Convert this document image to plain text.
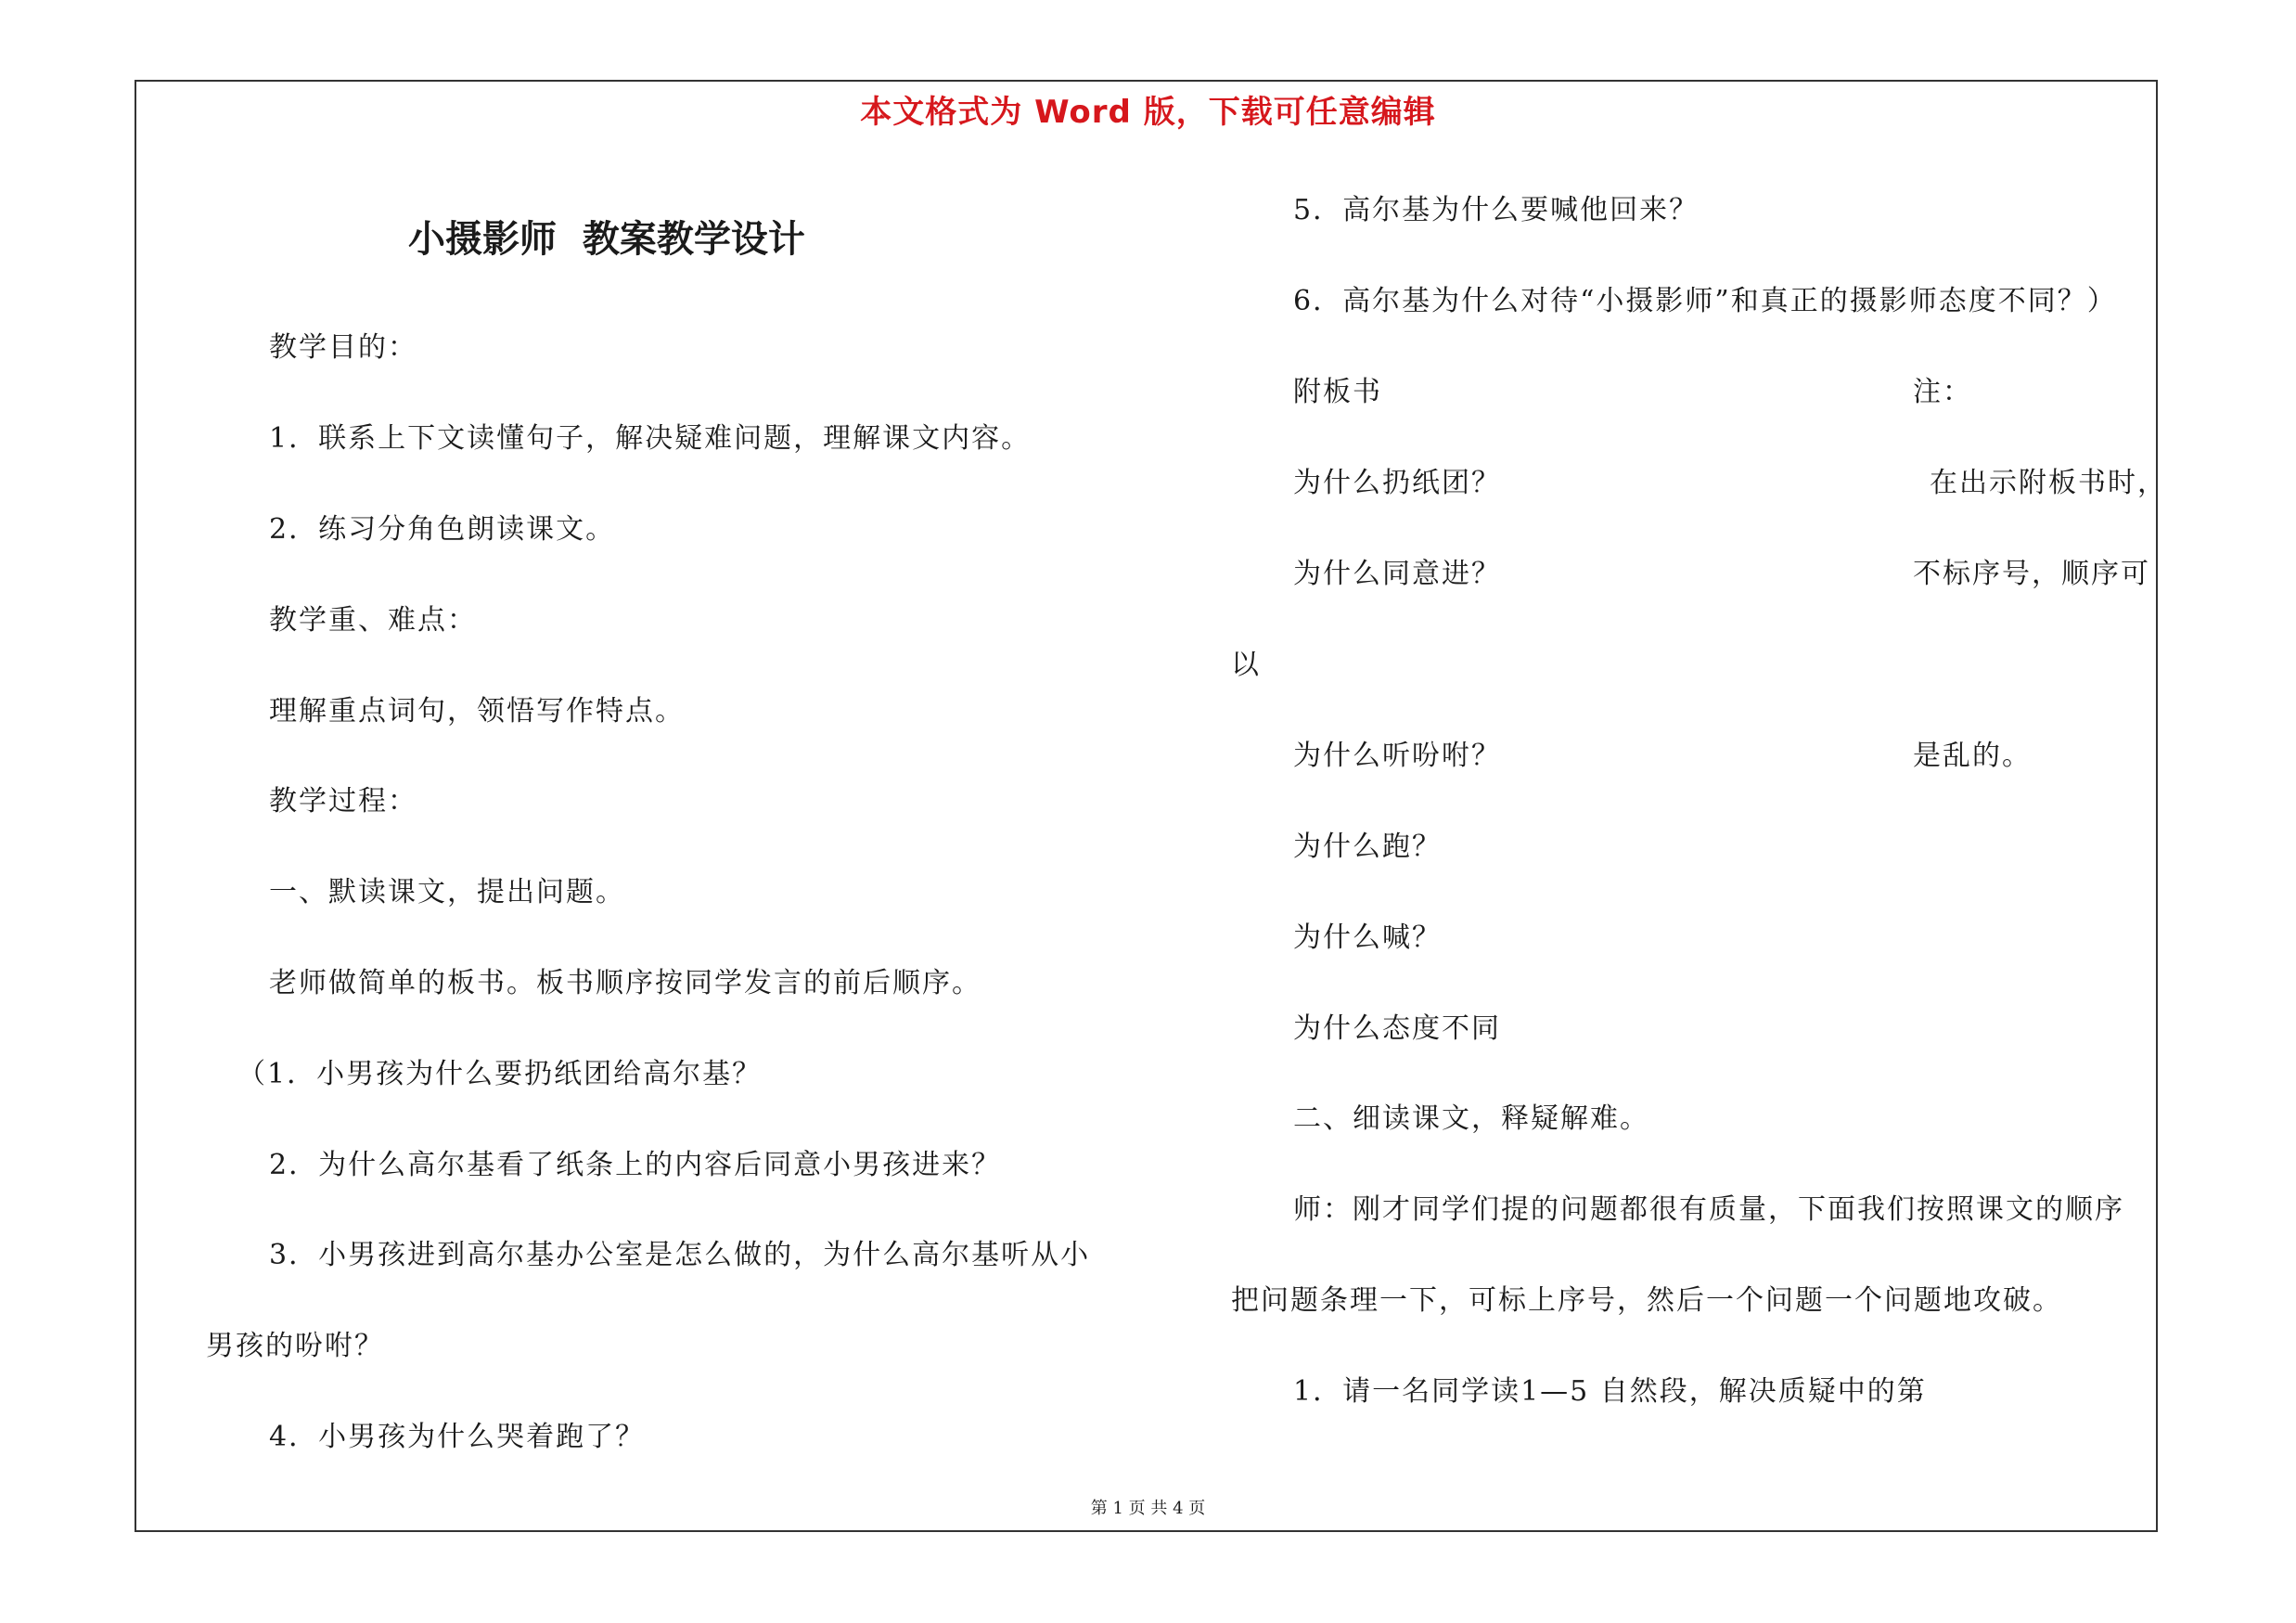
本文格式为 Word 版，下载可任意编辑
小摄影师  教案教学设计
教学目的：
1．联系上下文读懂句子，解决疑难问题，理解课文内容。
2．练习分角色朗读课文。
教学重、难点：
理解重点词句，领悟写作特点。
教学过程：
一、默读课文，提出问题。
老师做简单的板书。板书顺序按同学发言的前后顺序。
（1．小男孩为什么要扔纸团给高尔基？
2．为什么高尔基看了纸条上的内容后同意小男孩进来？
3．小男孩进到高尔基办公室是怎么做的，为什么高尔基听从小
男孩的吩咐？
4．小男孩为什么哭着跑了？
5．高尔基为什么要喊他回来？
6．高尔基为什么对待“小摄影师”和真正的摄影师态度不同？）
附板书
为什么扔纸团？
为什么同意进？
以
为什么听吩咐？
为什么跑？
为什么喊？
为什么态度不同
二、细读课文，释疑解难。
师：刚才同学们提的问题都很有质量，下面我们按照课文的顺序
把问题条理一下，可标上序号，然后一个问题一个问题地攻破。
1．请一名同学读1—5 自然段，解决质疑中的第
注：
在出示附板书时，
不标序号，顺序可
是乱的。
第 1 页 共 4 页
